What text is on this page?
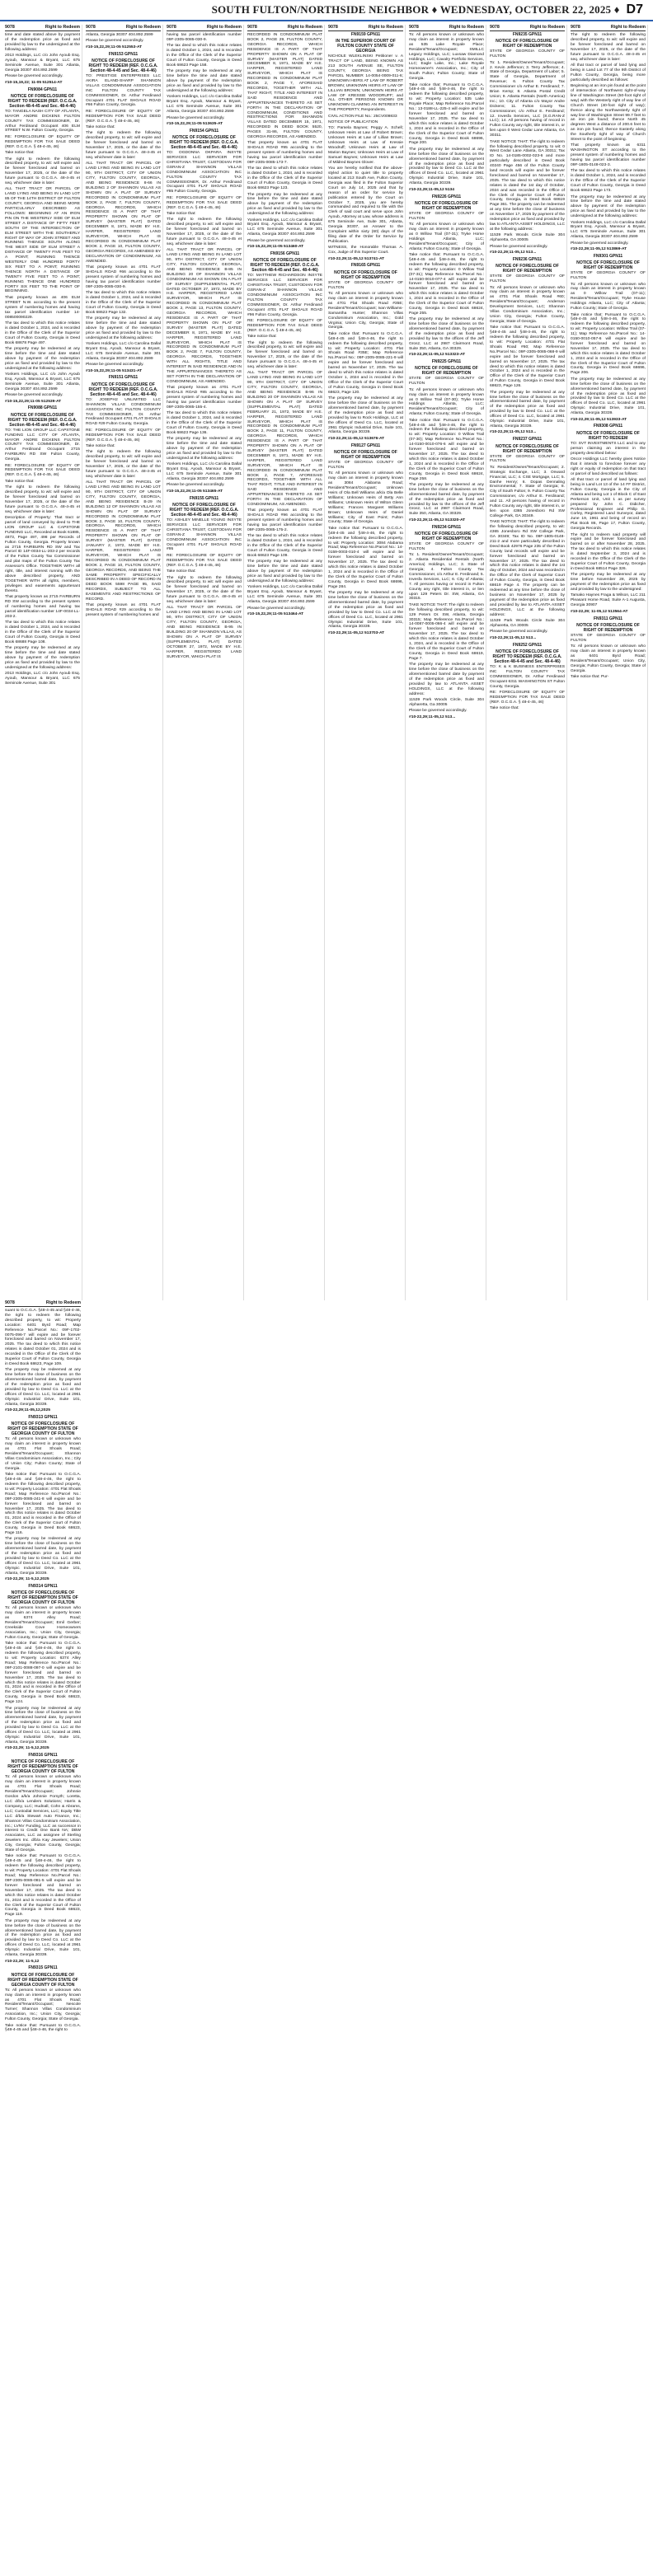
SOUTH FULTON/NORTHSIDE NEIGHBOR ♦ WEDNESDAY, OCTOBER 22, 2025 ♦ D7
9078	Right to Redeem

time and date stated above by payment of the redemption price as fixed and provided by law to the undersigned at the following address:

2013 Holdings, LLC c/o John Ayoub Esq. Ayoub, Mansour & Bryant, LLC 675 Seminole Avenue, Suite 301 Atlanta, Georgia 30307 404.892.2599

Please be governed accordingly.

#10-15,19,22; 11-05 512514-AT

FN9084 GPN11

NOTICE OF FORECLOSURE OF RIGHT TO REDEEM (REF. O.C.G.A. Section 48-4-45 and Sec. 48-4-46)

TO: TANGELA NASH CITY OF ATLANTA, MAYOR ANDRE DICKENS FULTON COUNTY TAX COMMISSIONER, Dr. Arthur Ferdinand Occupant 406 ELM STREET N.W. Fulton County, Georgia.

RE: FORECLOSURE OF EQUITY OF REDEMPTION FOR TAX SALE DEED (REF. O.C.G.A. § 48-4-45, 46)

Take notice that:

The right to redeem the following described property, to wit: will expire and be forever foreclosed and barred on November 17, 2025, or the date of the future pursuant to O.C.G.A. 48-4-45 et seq. whichever date is later:

ALL THAT TRACT OR PARCEL OF LAND LYING AND BEING IN LAND LOT 85 OF THE 14TH DISTRICT OF FULTON COUNTY, GEORGIA AND BEING MORE PARTICULARLY DESCRIBED AS FOLLOWS: BEGINNING AT AN IRON PIN ON THE WESTERLY SIDE OF ELM STREET A DISTANCE OF FIFTY FEET SOUTH OF THE INTERSECTION OF ELM STREET WITH THE SOUTHERLY RIGHT OF WAY OF JOHN STREET AND RUNNING THENCE SOUTH ALONG THE WEST SIDE OF ELM STREET A DISTANCE OF TWENTY FIVE FEET TO A POINT; RUNNING THENCE WESTERLY ONE HUNDRED FORTY SIX FEET TO A POINT; RUNNING THENCE NORTH A DISTANCE OF TWENTY FIVE FEET TO A POINT; RUNNING THENCE ONE HUNDRED FORTY SIX FEET TO THE POINT OF BEGINNING.

That property known as 406 ELM STREET N.W. according to the present system of numbering homes and having tax parcel identification number 14-008500090229.

The tax deed to which this notice relates is dated October 1, 2024, and is recorded in the Office of the Clerk of the Superior Court of Fulton County, Georgia in Deed Book 68678 Page 497.

The property may be redeemed at any time before the time and date stated above by payment of the redemption price as fixed and provided by law to the undersigned at the following address:

Yonkers Holdings, LLC c/o John Ayoub Esq. Ayoub, Mansour & Bryant, LLC 675 Seminole Avenue, Suite 301 Atlanta, Georgia 30307 404.892.2599

Please be governed accordingly.

#10-15,22,29;11-05 512539-AT

FN9088 GPN11

NOTICE OF FORECLOSURE OF RIGHT TO REDEEM (REF. O.C.G.A. Section 48-4-45 and Sec. 48-4-46)

TO: THE LION GROUP LLC CAPSTONE FUNDING LLC CITY OF ATLANTA, MAYOR ANDRE DICKENS FULTON COUNTY TAX COMMISSIONER, Dr. Arthur Ferdinand Occupant 2715 FAIRBURN RD SW Fulton County, Georgia.

RE: FORECLOSURE OF EQUITY OF REDEMPTION FOR TAX SALE DEED (REF. O.C.G.A. § 48-4-45, 46)

Take notice that:

The right to redeem the following described property, to wit: will expire and be forever foreclosed and barred on November 17, 2025, or the date of the future pursuant to O.C.G.A. 48-4-45 et seq. whichever date is later:

Description of Property: That tract or parcel of land conveyed by deed to THE LION GROUP LLC & CAPSTONE FUNDING LLC, Recorded at Book 61885, 4873, Page 497, 498 per Records of Fulton County, Georgia. Property known as 2715 FAIRBURN RD SW and Tax Parcel ID 14F-0034-LL-203-2 per records of the Fulton County Tax Commissioner and plat maps of the Fulton County Tax Assessor's Office. TOGETHER WITH all right, title, and interest running with the above described property, AND TOGETHER WITH all rights, members, privileges and easements appurtenant thereto.

That property known as 2715 FAIRBURN RD SW according to the present system of numbering homes and having tax parcel identification number 14F-0034-LL-203-2.

The tax deed to which this notice relates is dated October 1, 2024, and is recorded in the Office of the Clerk of the Superior Court of Fulton County, Georgia in Deed Book 68688 Page 108.

The property may be redeemed at any time before the time and date stated above by payment of the redemption price as fixed and provided by law to the undersigned at the following address:

2013 Holdings, LLC c/o John Ayoub Esq. Ayoub, Mansour & Bryant, LLC 675 Seminole Avenue, Suite 301

9078	Right to Redeem

Atlanta, Georgia 30307 404.892.2599

Please be governed accordingly.

#10-15,22,29;11-05 512553-AT

FN9153 GPN11

NOTICE OF FORECLOSURE OF RIGHT TO REDEEM (REF. O.C.G.A. Section 48-4-45 and Sec. 48-4-46)

TO: PRESTIGE ENTERPRISES LLC AKIRA ELAND-SHARP SHANNON VILLAS CONDOMINIUM ASSOCIATION INC FULTON COUNTY TAX COMMISSIONER, Dr. Arthur Ferdinand Occupant 4701 FLAT SHOALS ROAD #66 Fulton County, Georgia.

RE: FORECLOSURE OF EQUITY OF REDEMPTION FOR TAX SALE DEED (REF. O.C.G.A. § 48-4-45, 46)

Take notice that:

The right to redeem the following described property, to wit: will expire and be forever foreclosed and barred on November 17, 2025, or the date of the future pursuant to O.C.G.A. 48-4-45 et seq. whichever date is later:

ALL THAT TRACT OR PARCEL OF LAND LYING AND BEING IN LAND LOT 90, 9TH DISTRICT, CITY OF UNION CITY, FULTON COUNTY, GEORGIA, AND BEING RESIDENCE 8-66 IN BUILDING 2 OF SHANNON VILLAS AS SHOWN ON A PLAT OF SURVEY RECORDED IN CONDOMINIUM PLAT BOOK 2, PAGE 7, FULTON COUNTY, GEORGIA RECORDS, WHICH RESIDENCE IS A PART OF THAT PROPERTY SHOWN ON PLAT OF SURVEY (MASTER PLAT) DATED DECEMBER 8, 1971, MADE BY H.E. HARPER, REGISTERED LAND SURVEYOR, WHICH PLAT IS RECORDED IN CONDOMINIUM PLAT BOOK 2, PAGE 10, FULTON COUNTY, GEORGIA RECORDS, AS AMENDED BY DECLARATION OF CONDOMINIUM, AS AMENDED.

That property known as 4701 FLAT SHOALS ROAD #66 according to the present system of numbering homes and having tax parcel identification number 09F-2305-0085-030-9.

The tax deed to which this notice relates is dated October 1, 2024, and is recorded in the Office of the Clerk of the Superior Court of Fulton County, Georgia in Deed Book 68623 Page 132.

The property may be redeemed at any time before the time and date stated above by payment of the redemption price as fixed and provided by law to the undersigned at the following address:

Yonkers Holdings, LLC c/o Carolina Dallal Bryant Esq. Ayoub, Mansour & Bryant, LLC 675 Seminole Avenue, Suite 301 Atlanta, Georgia 30307 404.892.2599

Please be governed accordingly.

#10-15,22,29;11-05 513431-AT

FN9151 GPN11

NOTICE OF FORECLOSURE OF RIGHT TO REDEEM (REF. O.C.G.A. Section 48-4-45 and Sec. 48-4-46)

TO: JOSEPH2 UNLIMITED LLC SHANNON VILLAS CONDOMINIUM ASSOCIATION INC FULTON COUNTY TAX COMMISSIONER, Dr. Arthur Ferdinand Occupant 4701 FLAT SHOALS ROAD #29 Fulton County, Georgia.

RE: FORECLOSURE OF EQUITY OF REDEMPTION FOR TAX SALE DEED (REF. O.C.G.A. § 48-4-45, 46)

Take notice that:

The right to redeem the following described property, to wit: will expire and be forever foreclosed and barred on November 17, 2025, or the date of the future pursuant to O.C.G.A. 48-4-45 et seq. whichever date is later:

ALL THAT TRACT OR PARCEL OF LAND LYING AND BEING IN LAND LOT 90, 9TH DISTRICT, CITY OF UNION CITY, FULTON COUNTY, GEORGIA, AND BEING RESIDENCE B-29 IN BUILDING 12 OF SHANNON VILLAS AS SHOWN ON PLAT OF SURVEY RECORDED IN CONDOMINIUM PLAT BOOK 2, PAGE 10, FULTON COUNTY, GEORGIA RECORDS, WHICH RESIDENCE IS A PART OF THAT PROPERTY SHOWN ON PLAT OF SURVEY (MASTER PLAT) DATED JANUARY 2, 1972, MADE BY H.E. HARPER, REGISTERED LAND SURVEYOR, WHICH PLAT IS RECORDED IN CONDOMINIUM PLAT BOOK 2, PAGE 10, FULTON COUNTY, GEORGIA RECORDS, AND BEING THE SAME PROPERTY SPECIFICALLY DESCRIBED IN A DEED OF RECORD IN DEED BOOK 5598 PAGE 95, SAID RECORDS, SUBJECT TO ALL EASEMENTS AND RESTRICTIONS OF RECORD.

That property known as 4701 FLAT SHOALS ROAD #29 according to the present system of numbering homes and

9078	Right to Redeem

having tax parcel identification number 09F-2305-0085-030-9.

The tax deed to which this notice relates is dated October 1, 2024, and is recorded in the Office of the Clerk of the Superior Court of Fulton County, Georgia in Deed Book 68623 Page 158.

The property may be redeemed at any time before the time and date stated above by payment of the redemption price as fixed and provided by law to the undersigned at the following address:

Yonkers Holdings, LLC c/o Carolina Dallal Bryant Esq. Ayoub, Mansour & Bryant, LLC 675 Seminole Avenue, Suite 301 Atlanta, Georgia 30307 404.892.2599

Please be governed accordingly.

#10-15,22,29;11-05 513635-AT

FN9154 GPN11

NOTICE OF FORECLOSURE OF RIGHT TO REDEEM (REF. O.C.G.A. Section 48-4-45 and Sec. 48-4-46)

TO: OGDONNA OKPARA INSYTE SERVICES LLC SERVICER FOR CHRISTIANA TRUST, CUSTODIAN FOR GSRAN-Z SHANNON VILLAS CONDOMINIUM ASSOCIATION INC FULTON COUNTY TAX COMMISSIONER, Dr. Arthur Ferdinand Occupant 4701 FLAT SHOALS ROAD #85 Fulton County, Georgia.

RE: FORECLOSURE OF EQUITY OF REDEMPTION FOR TAX SALE DEED (REF. O.C.G.A. § 48-4-45, 46)

Take notice that:

The right to redeem the following described property, to wit: will expire and be forever foreclosed and barred on November 17, 2025, or the date of the future pursuant to O.C.G.A. 48-4-45 et seq. whichever date is later:

ALL THAT TRACT OR PARCEL OF LAND LYING AND BEING IN LAND LOT 90, 9TH DISTRICT, CITY OF UNION CITY, FULTON COUNTY, GEORGIA, AND BEING RESIDENCE B-85 IN BUILDING 20 OF SHANNON VILLAS CONDOMINIUM AS SHOWN ON A PLAT OF SURVEY (SUPPLEMENTAL PLAT) DATED OCTOBER 27, 1972, MADE BY H.E. HARPER, REGISTERED LAND SURVEYOR, WHICH PLAT IS RECORDED IN CONDOMINIUM PLAT BOOK 2, PAGE 13, FULTON COUNTY, GEORGIA RECORDS, WHICH RESIDENCE IS A PART OF THAT PROPERTY SHOWN ON PLAT OF SURVEY (MASTER PLAT) DATED DECEMBER 8, 1971, MADE BY H.E. HARPER, REGISTERED LAND SURVEYOR, WHICH PLAT IS RECORDED IN CONDOMINIUM PLAT BOOK 2, PAGE 7, FULTON COUNTY, GEORGIA RECORDS, TOGETHER WITH ALL RIGHTS, TITLE AND INTEREST IN SAID RESIDENCE AND IN THE APPURTENANCES THERETO AS SET FORTH IN THE DECLARATION OF CONDOMINIUM, AS AMENDED.

That property known as 4701 FLAT SHOALS ROAD #85 according to the present system of numbering homes and having tax parcel identification number 09F-2305-0085-155-4.

The tax deed to which this notice relates is dated October 1, 2024, and is recorded in the Office of the Clerk of the Superior Court of Fulton County, Georgia in Deed Book 68623 Page 136.

The property may be redeemed at any time before the time and date stated above by payment of the redemption price as fixed and provided by law to the undersigned at the following address:

Yonkers Holdings, LLC c/o Carolina Dallal Bryant Esq. Ayoub, Mansour & Bryant, LLC 675 Seminole Avenue, Suite 301 Atlanta, Georgia 30307 404.892.2599

Please be governed accordingly.

#10-15,22,29;11-05 513465-AT

FN9155 GPN11

NOTICE OF FORECLOSURE OF RIGHT TO REDEEM (REF. O.C.G.A. Section 48-4-45 and Sec. 48-4-46)

TO: ASHLEY MINELLE YOUNG INSYTE SERVICES LLC SERVICER FOR CHRISTIANA TRUST, CUSTODIAN FOR GSRAN-Z SHANNON VILLAS CONDOMINIUM ASSOCIATION INC Occupant 4701 FLAT SHOALS ROAD #95

RE: FORECLOSURE OF EQUITY OF REDEMPTION FOR TAX SALE DEED (REF. O.C.G.A. § 48-4-45, 46)

Take notice that:

The right to redeem the following described property, to wit: will expire and be forever foreclosed and barred on November 17, 2025, or the date of the future pursuant to O.C.G.A. 48-4-45 et seq. whichever date is later:

ALL THAT TRACT OR PARCEL OF LAND LYING AND BEING IN LAND LOT 90, 9TH DISTRICT, CITY OF UNION CITY, FULTON COUNTY, GEORGIA, AND BEING RESIDENCE B-95 IN BUILDING 20 OF SHANNON VILLAS, AS SHOWN ON A PLAT OF SURVEY (SUPPLEMENTAL PLAT) DATED OCTOBER 27, 1972, MADE BY H.E. HARPER, REGISTERED LAND SURVEYOR, WHICH PLAT IS

9078	Right to Redeem

RECORDED IN CONDOMINIUM PLAT BOOK 2, PAGE 29, FULTON COUNTY, GEORGIA RECORDS, WHICH RESIDENCE IS A PART OF THAT PROPERTY SHOWN ON A PLAT OF SURVEY (MASTER PLAT) DATED DECEMBER 8, 1971, MADE BY H.E. HARPER, REGISTERED LAND SURVEYOR, WHICH PLAT IS RECORDED IN CONDOMINIUM PLAT BOOK 2, PAGE 7, AFORESAID RECORDS, TOGETHER WITH ALL THAT RIGHT, TITLE AND INTEREST IN SAID RESIDENCE AND APPURTENANCES THERETO AS SET FORTH IN THE DECLARATION OF CONDOMINIUM, CONDITIONS AND RESTRICTIONS FOR SHANNON VILLAS DATED DECEMBER 15, 1971, RECORDED IN DEED BOOK 5520, PAGES 31-86, FULTON COUNTY, GEORGIA RECORDS, AS AMENDED.

That property known as 4701 FLAT SHOALS ROAD #95 according to the present system of numbering homes and having tax parcel identification number 09F-2305-0085-173-7.

The tax deed to which this notice relates is dated October 1, 2024, and is recorded in the Office of the Clerk of the Superior Court of Fulton County, Georgia in Deed Book 68623 Page 123.

The property may be redeemed at any time before the time and date stated above by payment of the redemption price as fixed and provided by law to the undersigned at the following address:

Yonkers Holdings, LLC c/o Carolina Dallal Bryant Esq. Ayoub, Mansour & Bryant, LLC 675 Seminole Avenue, Suite 301 Atlanta, Georgia 30307 404.892.2599

Please be governed accordingly.

#10-15,22,29;11-05 513460-AT

FN9156 GPN11

NOTICE OF FORECLOSURE OF RIGHT TO REDEEM (REF. O.C.G.A. Section 48-4-45 and Sec. 48-4-46)

TO: MATTHEW RICHARDSON INSYTE SERVICES LLC SERVICER FOR CHRISTIANA TRUST, CUSTODIAN FOR GSRAN-Z SHANNON VILLAS CONDOMINIUM ASSOCIATION INC FULTON COUNTY TAX COMMISSIONER, Dr. Arthur Ferdinand Occupant 4701 FLAT SHOALS ROAD #96 Fulton County, Georgia.

RE: FORECLOSURE OF EQUITY OF REDEMPTION FOR TAX SALE DEED (REF. O.C.G.A. § 48-4-45, 46)

Take notice that:

The right to redeem the following described property, to wit: will expire and be forever foreclosed and barred on November 17, 2025, or the date of the future pursuant to O.C.G.A. 48-4-45 et seq. whichever date is later:

ALL THAT TRACT OR PARCEL OF LAND LYING AND BEING IN LAND LOT 90, 9TH DISTRICT, CITY OF UNION CITY, FULTON COUNTY, GEORGIA, AND BEING RESIDENCE B-96 IN BUILDING 20 OF SHANNON VILLAS AS SHOWN ON A PLAT OF SURVEY (SUPPLEMENTAL PLAT) DATED FEBRUARY 21, 1972, MADE BY H.E. HARPER, REGISTERED LAND SURVEYOR, WHICH PLAT IS RECORDED IN CONDOMINIUM PLAT BOOK 2, PAGE 11, FULTON COUNTY, GEORGIA RECORDS, WHICH RESIDENCE IS A PART OF THAT PROPERTY SHOWN ON A PLAT OF SURVEY (MASTER PLAT) DATED DECEMBER 8, 1971, MADE BY H.E. HARPER, REGISTERED LAND SURVEYOR, WHICH PLAT IS RECORDED IN CONDOMINIUM PLAT BOOK 2, PAGE 7, AFORESAID RECORDS, TOGETHER WITH ALL THAT RIGHT, TITLE AND INTEREST IN SAID RESIDENCE AND APPURTENANCES THERETO AS SET FORTH IN THE DECLARATION OF CONDOMINIUM, AS AMENDED.

That property known as 4701 FLAT SHOALS ROAD #96 according to the present system of numbering homes and having tax parcel identification number 09F-2305-0085-175-2.

The tax deed to which this notice relates is dated October 1, 2024, and is recorded in the Office of the Clerk of the Superior Court of Fulton County, Georgia in Deed Book 68623 Page 109.

The property may be redeemed at any time before the time and date stated above by payment of the redemption price as fixed and provided by law to the undersigned at the following address:

Yonkers Holdings, LLC c/o Carolina Dallal Bryant Esq. Ayoub, Mansour & Bryant, LLC 675 Seminole Avenue, Suite 301 Atlanta, Georgia 30307 404.892.2599

Please be governed accordingly.

#10-15,22,29;11-05 513464-AT

9078	Right to Redeem

FN9159 GPN11

IN THE SUPERIOR COURT OF FULTON COUNTY STATE OF GEORGIA

NICHOLE WLEKLINSKI Petitioner v. A TRACT OF LAND, BEING KNOWN AS 213 SOUTH AVENUE SE, FULTON COUNTY, GEORGIA BEING TAX PARCEL NUMBER 14-0054-0009-011-6; UNKNOWN HEIRS AT LAW OF ROBERT BROWN; UNKNOWN HEIRS AT LAW OF LILLIAN BROWN; UNKNOWN HEIRS AT LAW OF KRESSIE WOODRUFF; and ALL OTHER PERSONS KNOWN OR UNKNOWN CLAIMING AN INTEREST IN THE PROPERTY, Respondents.

CIVIL ACTION FILE No.: 25CV009833

NOTICE OF PUBLICATION

TO: Pamela Baynes; Peggy A. Schell; Unknown Heirs at Law of Robert Brown; Unknown Heirs at Law of Lillian Brown; Unknown Heirs at Law of Kressie Woodruff; Unknown Heirs at Law of Marion Baynes; Unknown Heirs at Law of Samuel Baynes; Unknown Heirs at Law of Mildred Baynes Glover.

You are hereby notified that the above-styled action to quiet title to property located at 213 South Ave, Fulton County, Georgia was filed in the Fulton Superior Court on July 14, 2025 and that by reason of an order for service by publication entered by the Court on October 7, 2025, you are hereby commanded and required to file with the Clerk of said court and serve upon John Ayoub, Attorney at Law, whose address is 675 Seminole Ave, Suite 301, Atlanta, Georgia 30307, an Answer to the Complaint within sixty (60) days of the filing date of the Order for Service by Publication.

WITNESS, the Honorable Thomas A. Cox, Judge of this Superior Court.

#10-22,29;11-05,12 513741-AT

FN9165 GPN11

NOTICE OF FORECLOSURE OF RIGHT OF REDEMPTION

STATE OF GEORGIA COUNTY OF FULTON

To: All persons known or unknown who may claim an interest in property known as 4701 Flat Shoals Road #35E; Resident/Tenant/Occupant; Ivan Williams-Samantha Hunter; Shannon Villas Condominium Association, Inc.; Gold Virginia; Union City, Georgia; State of Georgia.

Take notice that: Pursuant to O.C.G.A. §48-4-45 and §48-4-46, the right to redeem the following described property, to wit: Property Location: 4701 Flat Shoals Road #35E; Map Reference No./Parcel No.: 09F-2305-0085-221-9 will expire and be forever foreclosed and barred on November 17, 2025. The tax deed to which this notice relates is dated October 1, 2024 and is recorded in the Office of the Clerk of the Superior Court of Fulton County, Georgia in Deed Book 68623, Page 120.

The property may be redeemed at any time before the close of business on the aforementioned barred date, by payment of the redemption price as fixed and provided by law to Rock Holdings, LLC at the offices of Deed Co. LLC, located at 2961 Olympic Industrial Drive, Suite 101, Atlanta, Georgia 30339.

#10-22,29;11-05,12 513676-AT

FN9127 GPN11

NOTICE OF FORECLOSURE OF RIGHT OF REDEMPTION

STATE OF GEORGIA COUNTY OF FULTON

To: All persons known or unknown who may claim an interest in property known as 3084 Alabama Road; Resident/Tenant/Occupant; Unknown Heirs of Ola Bell Williams a/k/a Ola Belle Williams; Unknown Heirs of Betty Ann Williams; Unknown Heirs of Wilton Glenn Williams; Frances Margaret Williams Brown; Unknown Heirs of Daniel Williams; City of East Point; Fulton County; State of Georgia.

Take notice that: Pursuant to O.C.G.A. §48-4-45 and §48-4-46, the right to redeem the following described property, to wit: Property Location: 3084 Alabama Road; Map Reference No./Parcel No.: 14-0159-0003-010-4 will expire and be forever foreclosed and barred on November 17, 2025. The tax deed to which this notice relates is dated October 1, 2024 and is recorded in the Office of the Clerk of the Superior Court of Fulton County, Georgia in Deed Book 68696, Page 284.

The property may be redeemed at any time before the close of business on the aforementioned barred date, by payment of the redemption price as fixed and provided by law to Deed Co. LLC at the offices of Deed Co. LLC, located at 2961 Olympic Industrial Drive, Suite 101, Atlanta, Georgia 30339.

#10-22,29;11-05,12 513703-AT

9078	Right to Redeem

To: All persons known or unknown who may claim an interest in property known as 535 Lake Royale Place; Resident/Tenant/Occupant; SMILLC Legacy Holdings, LLC; Luxsaw Diamond Holdings, LLC; Cavalry Portfolio Services, LLC; Eagle Lake, Inc.; Lake Royale Homeowner's Association, Inc.; City of South Fulton; Fulton County; State of Georgia.

Take notice that: Pursuant to O.C.G.A. §48-4-45 and §48-4-46, the right to redeem the following described property, to wit: Property Location: 535 Lake Royale Place; Map Reference No./Parcel No.: 13-0188-LL-225-4 will expire and be forever foreclosed and barred on November 17, 2025. The tax deed to which this notice relates is dated October 1, 2024 and is recorded in the Office of the Clerk of the Superior Court of Fulton County, Georgia in Deed Book 68696, Page 200.

The property may be redeemed at any time before the close of business on the aforementioned barred date, by payment of the redemption price as fixed and provided by law to Deed Co. LLC at the offices of Deed Co. LLC, located at 2961 Olympic Industrial Drive, Suite 101, Atlanta, Georgia 30339.

#10-22,29;11-05,12 5134

FN9226 GPN11

NOTICE OF FORECLOSURE OF RIGHT OF REDEMPTION

STATE OF GEORGIA COUNTY OF FULTON

To: All persons known or unknown who may claim an interest in property known as 0 Willow Trail (07-31); Tryke Home Holdings Atlanta, LLC; Resident/Tenant/Occupant; City of Atlanta; Fulton County; State of Georgia.

Take notice that: Pursuant to O.C.G.A. §48-4-45 and §48-4-46, the right to redeem the following described property, to wit: Property Location: 0 Willow Trail (07-31); Map Reference No./Parcel No.: 14-0150-0010-077-4 will expire and be forever foreclosed and barred on November 17, 2025. The tax deed to which this notice relates is dated October 1, 2024 and is recorded in the Office of the Clerk of the Superior Court of Fulton County, Georgia in Deed Book 68624, Page 255.

The property may be redeemed at any time before the close of business on the aforementioned barred date, by payment of the redemption price as fixed and provided by law to the offices of the Jeff Grosz, LLC at 2987 Clairmont Road, Suite 350, Atlanta, GA 30329.

#10-22,29;11-05,12 513323-AT

FN9225 GPN11

NOTICE OF FORECLOSURE OF RIGHT OF REDEMPTION

STATE OF GEORGIA COUNTY OF FULTON

To: All persons known or unknown who may claim an interest in property known as 0 Willow Trail (07-30); Tryke Home Holdings Atlanta, LLC; Resident/Tenant/Occupant; City of Atlanta; Fulton County; State of Georgia.

Take notice that: Pursuant to O.C.G.A. §48-4-45 and §48-4-46, the right to redeem the following described property, to wit: Property Location: 0 Willow Trail (07-30); Map Reference No./Parcel No.: 14-0150-0010-076-6 will expire and be forever foreclosed and barred on November 17, 2025. The tax deed to which this notice relates is dated October 1, 2024 and is recorded in the Office of the Clerk of the Superior Court of Fulton County, Georgia in Deed Book 68624, Page 258.

The property may be redeemed at any time before the close of business on the aforementioned barred date, by payment of the redemption price as fixed and provided by law to the offices of the Jeff Grosz, LLC at 2987 Clairmont Road, Suite 350, Atlanta, GA 30329.

#10-22,29;11-05,12 513320-AT

FN9234 GPN11

NOTICE OF FORECLOSURE OF RIGHT OF REDEMPTION

STATE OF GEORGIA COUNTY OF FULTON

To: 1. Resident/Owner/Tenant/Occupant; 2. Atlanta Residential Rentals (North America) Holdings, LLC; 3. State of Georgia; 4. Fulton County Tax Commissioner, c/o Arthur E. Ferdinand; 5. Invesfa Services, LLC; 6. City of Atlanta; 7. All persons having or record in Fulton County any right, title interest in, or lien upon 129 Peters Dr. SW, Atlanta, GA 30315.

TAKE NOTICE THAT: The right to redeem the following described property, to wit: 129 Peters Dr. SW, Atlanta, Georgia 30315; Map Reference No./Parcel No.: 14-0087-0005-066-4 will expire and be forever foreclosed and barred on November 17, 2025. The tax deed to which this notice relates is dated October 1, 2024, and is recorded in the Office of the Clerk of the Superior Court of Fulton County, Georgia in Deed Book 68619, Page 7.

The property may be redeemed at any time before the close of business on the aforementioned barred date by payment of the redemption price as fixed and provided by law to ATLANTA ASSET HOLDINGS, LLC at the following address:

11539 Park Woods Circle, Suite 304 Alpharetta, Ga 30005

Please be governed accordingly.

#10-22,29;11-05,12 513...

9078	Right to Redeem

FN9235 GPN11

NOTICE OF FORECLOSURE OF RIGHT OF REDEMPTION

STATE OF GEORGIA COUNTY OF FULTON

To: 1. Resident/Owner/Tenant/Occupant; 2. Kevin Jefferson; 3. Terry Jefferson; 4. State of Georgia, Department of Labor; 5. State of Georgia, Department of Revenue; 6. Fulton County Tax Commissioner c/o Arthur E. Ferdinand; 7. Brian Kemp; 8. Atlanta Postal Credit Union; 9. Atlanta Rentals (North America) Inc.; 10. City of Atlanta c/o Mayor Andre Dickens; 11. Fulton County Tax Commissioner, c/o Arthur E. Ferdinand; 12. Invesfa Services, LLC (S.G.RAN-Z LLC); 14. All persons having of record in Fulton County any right, title interest in, or lien upon 0 West Cedar Lane Atlanta, GA 30311.

TAKE NOTICE THAT: The right to redeem the following described property, to wit: 0 West Cedar Lane Atlanta, GA 30311; Tax ID No. 14-0185-0002-023-6 and more particularly described in Deed Book 40240 Page 456 of the Fulton County land records will expire and be forever foreclosed and barred on November 17, 2025. The tax deed to which this notice relates is dated the 1st day of October, 2024 and was recorded in the Office of the Clerk of Superior Court of Fulton County, Georgia, in Deed Book 68619 Page 361. The property can be redeemed at any time before the close of business on November 17, 2025 by payment of the redemption price as fixed and provided by law to ATLANTA ASSET HOLDINGS, LLC at the following address:

11539 Park Woods Circle Suite 304 Alpharetta, GA 30005

Please be governed accordingly.

#10-22,29;11-05,12 513...

FN9236 GPN11

NOTICE OF FORECLOSURE OF RIGHT OF REDEMPTION

STATE OF GEORGIA COUNTY OF FULTON

To: All persons known or unknown who may claim an interest in property known as 4701 Flat Shoals Road #60; Resident/Tenant/Occupant; Anderson Development Services, LLC; Shannon Villas Condominium Association, Inc.; Union City, Georgia; Fulton County, Georgia; State of Georgia.

Take notice that: Pursuant to O.C.G.A. §48-4-45 and §48-4-46, the right to redeem the following described property, to wit: Property Location: 4701 Flat Shoals Road #60; Map Reference No./Parcel No.: 09F-2305-0085-068-9 will expire and be forever foreclosed and barred on November 17, 2025. The tax deed to which this notice relates is dated October 1, 2024 and is recorded in the Office of the Clerk of the Superior Court of Fulton County, Georgia in Deed Book 68623, Page 126.

The property may be redeemed at any time before the close of business on the aforementioned barred date, by payment of the redemption price as fixed and provided by law to Deed Co. LLC at the offices of Deed Co. LLC, located at 2961 Olympic Industrial Drive, Suite 101, Atlanta, Georgia 30339.

#10-22,29;11-05,12 513...

FN9237 GPN11

NOTICE OF FORECLOSURE OF RIGHT OF REDEMPTION

STATE OF GEORGIA COUNTY OF FULTON

To: Resident/Owner/Tenant/Occupant; 2. Strategic Exchange, LLC; 3. Onward Financial, LLC; 4. CSE Mortgage, LLC; 5. Danhe Henry; 6. Dopas Dennaling Environmental; 7. State of Georgia; 8. City of South Fulton; 9. Fulton County Tax Commissioner, c/o Arthur E. Ferdinand; and 11. All persons having of record in Fulton County any right, title interest in, or lien upon 4365 Jonesboro Rd SW College Park, GA 30349.

TAKE NOTICE THAT: The right to redeem the following described property, to wit: 4365 Jonesboro Rd SW College Park, GA 30349; Tax ID No. 09F-1805-0148-211-2 and more particularly described in Deed Book 42976 Page 235 of the Fulton County land records will expire and be forever foreclosed and barred on November 17, 2025. The tax deed to which this notice relates is dated the 1st day of October, 2024 and was recorded in the Office of the Clerk of Superior Court of Fulton County, Georgia, in Deed Book 68619 Page 4. The property can be redeemed at any time before the close of business on November 17, 2025 by payment of the redemption price as fixed and provided by law to ATLANTA ASSET HOLDINGS, LLC at the following address:

11539 Park Woods Circle Suite 304 Alpharetta, GA 30005

Please be governed accordingly.

#10-22,29;11-05,12 513...

FN9252 GPN11

NOTICE OF FORECLOSURE OF RIGHT TO REDEEM (REF. O.C.G.A. Section 48-4-45 and Sec. 48-4-46)

TO: K & K BUSINESS ENTERPRISES INC FULTON COUNTY TAX COMMISSIONER, Dr. Arthur Ferdinand Occupant 6311 WASHINGTON ST Fulton County, Georgia.

RE: FORECLOSURE OF EQUITY OF REDEMPTION FOR TAX SALE DEED (REF. O.C.G.A. § 48-4-45, 46)

Take notice that:

9078	Right to Redeem

The right to redeem the following described property, to wit: will expire and be forever foreclosed and barred on November 17, 2025, or the date of the future pursuant to O.C.G.A. 48-4-45 et seq. whichever date is later:

All that tract or parcel of land lying and being in Land Lot 77 of the 9th District of Fulton County, Georgia, being more particularly described as follows:

Beginning at an iron pin found at the point of intersection of Northwest right-of-way line of Washington Street (50-foot right of way) with the Westerly right of way line of Church Street (40-foot right of way); thence along the Northwesterly right of way line of Washington Street 99.7 feet to an iron pin found; thence North 45 degrees West a distance of 200.6 feet to an iron pin found; thence Easterly along the Southerly right of way of Church Street to the point of beginning.

That property known as 6311 WASHINGTON ST according to the present system of numbering homes and having tax parcel identification number 09F-1805-0148-023-3.

The tax deed to which this notice relates is dated October 1, 2024, and is recorded in the Office of the Clerk of the Superior Court of Fulton County, Georgia in Deed Book 68623 Page 173.

The property may be redeemed at any time before the time and date stated above by payment of the redemption price as fixed and provided by law to the undersigned at the following address:

Yonkers Holdings, LLC c/o Carolina Dallal Bryant Esq. Ayoub, Mansour & Bryant, LLC 675 Seminole Avenue, Suite 301 Atlanta, Georgia 30307 404.892.2599

Please be governed accordingly.

#10-22,29;11-05,12 513869-AT

FN9301 GPN11

NOTICE OF FORECLOSURE OF RIGHT OF REDEMPTION

STATE OF GEORGIA COUNTY OF FULTON

To: All persons known or unknown who may claim an interest in property known as 0 Willow Trail (07-11); Resident/Tenant/Occupant; Tryke House Holdings Atlanta, LLC; City of Atlanta; Fulton County; State of Georgia.

Take notice that: Pursuant to O.C.G.A. §48-4-45 and §48-4-46, the right to redeem the following described property, to wit: Property Location: Willow Trail (07-11); Map Reference No./Parcel No.: 14-0150-0010-057-6 will expire and be forever foreclosed and barred on November 17, 2025. The tax deed to which this notice relates is dated October 1, 2024 and is recorded in the Office of the Clerk of the Superior Court of Fulton County, Georgia in Deed Book 68696, Page 206.

The property may be redeemed at any time before the close of business on the aforementioned barred date, by payment of the redemption price as fixed and provided by law to Deed Co. LLC at the offices of Deed Co. LLC, located at 2961 Olympic Industrial Drive, Suite 101, Atlanta, Georgia 30339.

#10-22,29;11-05,12 513933-AT

FN9308 GPN11

NOTICE OF FORECLOSURE OF RIGHT TO REDEEM

TO: SVT INVESTMENTS LLC and to any person claiming an interest in the property described below:

Oncor Holdings LLC hereby gives Notice that it intends to foreclose forever any right or equity of redemption on that tract or parcel of land described as follows:

All that tract or parcel of land lying and being in Land Lot 13 of the 14 FF District, Fulton County, Georgia in the City of Atlanta and being Lot 1 of Block C of East Perkerson Unit, Unit 1 as per survey prepared by John C. Didicher, Professional Engineer and Philip G. Corley, Registered Land Surveyor, dated June 19, 1961 and being of record on Plat Book 86, Page 17, Fulton County, Georgia Records.

The right to redeem said property will expire and be forever foreclosed and barred on or after November 28, 2025. The tax deed to which this notice relates is dated September 3, 2024 and is recorded in the Office of the Clerk of the Superior Court of Fulton County, Georgia in Deed Book 68514 Page 326.

The property may be redeemed at any time before November 28, 2025 by payment of the redemption price as fixed and provided by law to the undersigned:

Tamako Haynes Fraga & Wilson, LLC 211 Pleasant Home Road, Suite A-1 Augusta, Georgia 30907

#10-22,29; 11-05,12 513564-AT

FN9311 GPN11

NOTICE OF FORECLOSURE OF RIGHT OF REDEMPTION

STATE OF GEORGIA COUNTY OF FULTON

To: All persons known or unknown who may claim an interest in property known as 6401 Byrd Road; Resident/Tenant/Occupant; Union City, Georgia; Fulton County, Georgia; State of Georgia.

Take notice that: Pur-

9078	Right to Redeem

suant to O.C.G.A. §48-4-45 and §48-4-46, the right to redeem the following described property, to wit: Property Location: 6401 Byrd Road; Map Reference No./Parcel No.: 09F-1702-0075-096-7 will expire and be forever foreclosed and barred on November 17, 2025. The tax deed to which this notice relates is dated October 01, 2024 and is recorded in the Office of the Clerk of the Superior Court of Fulton County, Georgia in Deed Book 68623, Page 109.

The property may be redeemed at any time before the close of business on the aforementioned barred date, by payment of the redemption price as fixed and provided by law to Deed Co. LLC at the offices of Deed Co. LLC, located at 2961 Olympic Industrial Drive, Suite 101, Atlanta, Georgia 30339.

#10-22,29;11-05,12,2025

FN9313 GPN11

NOTICE OF FORECLOSURE OF RIGHT OF REDEMPTION STATE OF GEORGIA COUNTY OF FULTON

To: All persons known or unknown who may claim an interest in property known as 4701 Flat Shoals Road; Resident/Tenant/Occupant; Shannon Villas Condominium Association, Inc.; City of Union City; Fulton County; State of Georgia.

Take notice that: Pursuant to O.C.G.A. §48-4-45 and §48-4-46, the right to redeem the following described property, to wit: Property Location: 4701 Flat Shoals Road; Map Reference No./Parcel No.: 09F-2305-0085-241-8 will expire and be forever foreclosed and barred on November 17, 2025. The tax deed to which this notice relates is dated October 01, 2024 and is recorded in the Office of the Clerk of the Superior Court of Fulton County, Georgia in Deed Book 68623, Page 116.

The property may be redeemed at any time before the close of business on the aforementioned barred date, by payment of the redemption price as fixed and provided by law to Deed Co. LLC at the offices of Deed Co. LLC, located at 2961 Olympic Industrial Drive, Suite 101, Atlanta, Georgia 30339.

#10-22,29; 11-5,12,2025

FN9314 GPN11

NOTICE OF FORECLOSURE OF RIGHT OF REDEMPTION STATE OF GEORGIA COUNTY OF FULTON

To: All persons known or unknown who may claim an interest in property known as 6374 Alley Road; Resident/Tenant/Occupant; Emil Gerber; Creekside Cove Homeowners Association, Inc.; Union City, Georgia; Fulton County, Georgia; State of Georgia.

Take notice that: Pursuant to O.C.G.A. §48-4-45 and §48-4-46, the right to redeem the following described property, to wit: Property Location: 6374 Alley Road; Map Reference No./Parcel No.: 09F-2101-0088-097-0 will expire and be forever foreclosed and barred on November 17, 2025. The tax deed to which this notice relates is dated October 01, 2024 and is recorded in the Office of the Clerk of the Superior Court of Fulton County, Georgia in Deed Book 68623, Page 124.

The property may be redeemed at any time before the close of business on the aforementioned barred date, by payment of the redemption price as fixed and provided by law to Deed Co. LLC at the offices of Deed Co. LLC, located at 2961 Olympic Industrial Drive, Suite 101, Atlanta, Georgia 30339.

#10-22,29; 11-5,12,2025

FN9316 GPN11

NOTICE OF FORECLOSURE OF RIGHT OF REDEMPTION STATE OF GEORGIA COUNTY OF FULTON

To: All persons known or unknown who may claim an interest in property known as 4701 Flat Shoals Road; Resident/Tenant/Occupant; Johnnie Gordon a/k/a Johnnie Forsyth; Loretta, LLC d/b/a Lenders Solutions; Harris & Company, LLC; Hudnall, Cohn & Abrams, LLC; Custodial Services, LLC; Equity Title LLC d/b/a Stewart Auto Finance, Inc.; Shannon Villas Condominium Association, Inc.; LVNV Funding, LLC as successor in interest to Credit One Bank NA; DBW Associates, LLC as assignee of Sterling Jewelers Inc. d/b/a Kay Jewelers; Union City, Georgia; Fulton County, Georgia; State of Georgia.

Take notice that: Pursuant to O.C.G.A. §48-4-45 and §48-4-46, the right to redeem the following described property, to wit: Property Location: 4701 Flat Shoals Road; Map Reference No./Parcel No.: 09F-2305-0085-081-5 will expire and be forever foreclosed and barred on November 17, 2025. The tax deed to which this notice relates is dated October 01, 2024 and is recorded in the Office of the Clerk of the Superior Court of Fulton County, Georgia in Deed Book 68623, Page 119.

The property may be redeemed at any time before the close of business on the aforementioned barred date, by payment of the redemption price as fixed and provided by law to Deed Co. LLC at the offices of Deed Co. LLC, located at 2961 Olympic Industrial Drive, Suite 101, Atlanta, Georgia 30339.

#10-22,29; 11-5,12

FN9315 GPN11

NOTICE OF FORECLOSURE OF RIGHT OF REDEMPTION STATE OF GEORGIA COUNTY OF FULTON

To: All persons known or unknown who may claim an interest in property known as 4701 Flat Shoals Road; Resident/Tenant/Occupant; Nescole Turner; Shannon Villas Condominium Association, Inc.; Union City, Georgia; Fulton County, Georgia; State of Georgia.

Take notice that: Pursuant to O.C.G.A. §48-4-45 and §48-4-46, the right to
